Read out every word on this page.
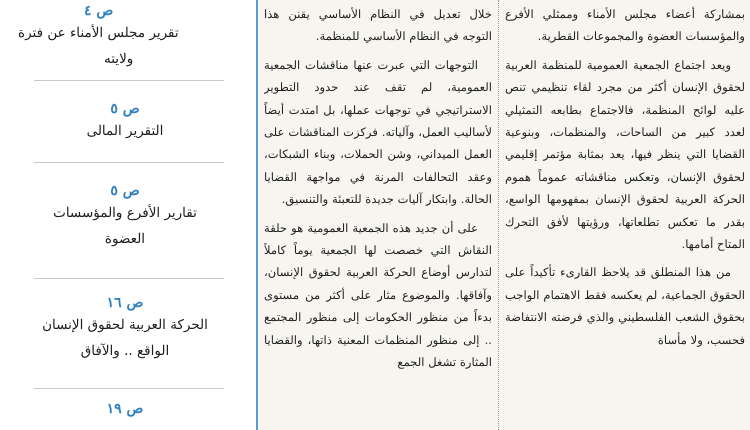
بمشاركة أعضاء مجلس الأمناء وممثلي الأفرع والمؤسسات العضوة والمجموعات القطرية.

ويعد اجتماع الجمعية العمومية للمنظمة العربية لحقوق الإنسان أكثر من مجرد لقاء تنظيمي تنص عليه لوائح المنظمة، فالاجتماع بطابعه التمثيلي لعدد كبير من الساحات، والمنظمات، وبنوعية القضايا التي ينظر فيها، يعد بمثابة مؤتمر إقليمي لحقوق الإنسان، وتعكس مناقشاته عموماً هموم الحركة العربية لحقوق الإنسان بمفهومها الواسع، بقدر ما تعكس تطلعاتها، ورؤيتها لأفق التحرك المتاح أمامها.

من هذا المنطلق قد يلاحظ القارىء تأكيداً على الحقوق الجماعية، لم يعكسه فقط الاهتمام الواجب بحقوق الشعب الفلسطيني والذي فرضته الانتفاضة فحسب، ولا مأساة

خلال تعديل في النظام الأساسي يقنن هذا التوجه في النظام الأساسي للمنظمة.

التوجهات التي عبرت عنها مناقشات الجمعية العمومية، لم تقف عند حدود التطوير الاستراتيجي في توجهات عملها، بل امتدت أيضاً لأساليب العمل، وآلياته. فركزت المناقشات على العمل الميداني، وشن الحملات، وبناء الشبكات، وعقد التحالفات المرنة في مواجهة القضايا الحالة. وابتكار آليات جديدة للتعبئة والتنسيق.

على أن جديد هذه الجمعية العمومية هو حلقة النقاش التي خصصت لها الجمعية يوماً كاملاً لتدارس أوضاع الحركة العربية لحقوق الإنسان، وآفاقها. والموضوع مثار على أكثر من مستوى بدءاً من منظور الحكومات إلى منظور المجتمع .. إلى منظور المنظمات المعنية ذاتها، والقضايا المثارة تشغل الجمع

ص ٤
تقرير مجلس الأمناء عن فترة
ولايته
ص ٥
التقرير المالى
ص ٥
تقارير الأفرع والمؤسسات
العضوة
ص ١٦
الحركة العربية لحقوق الإنسان
الواقع .. والآفاق
ص ١٩
